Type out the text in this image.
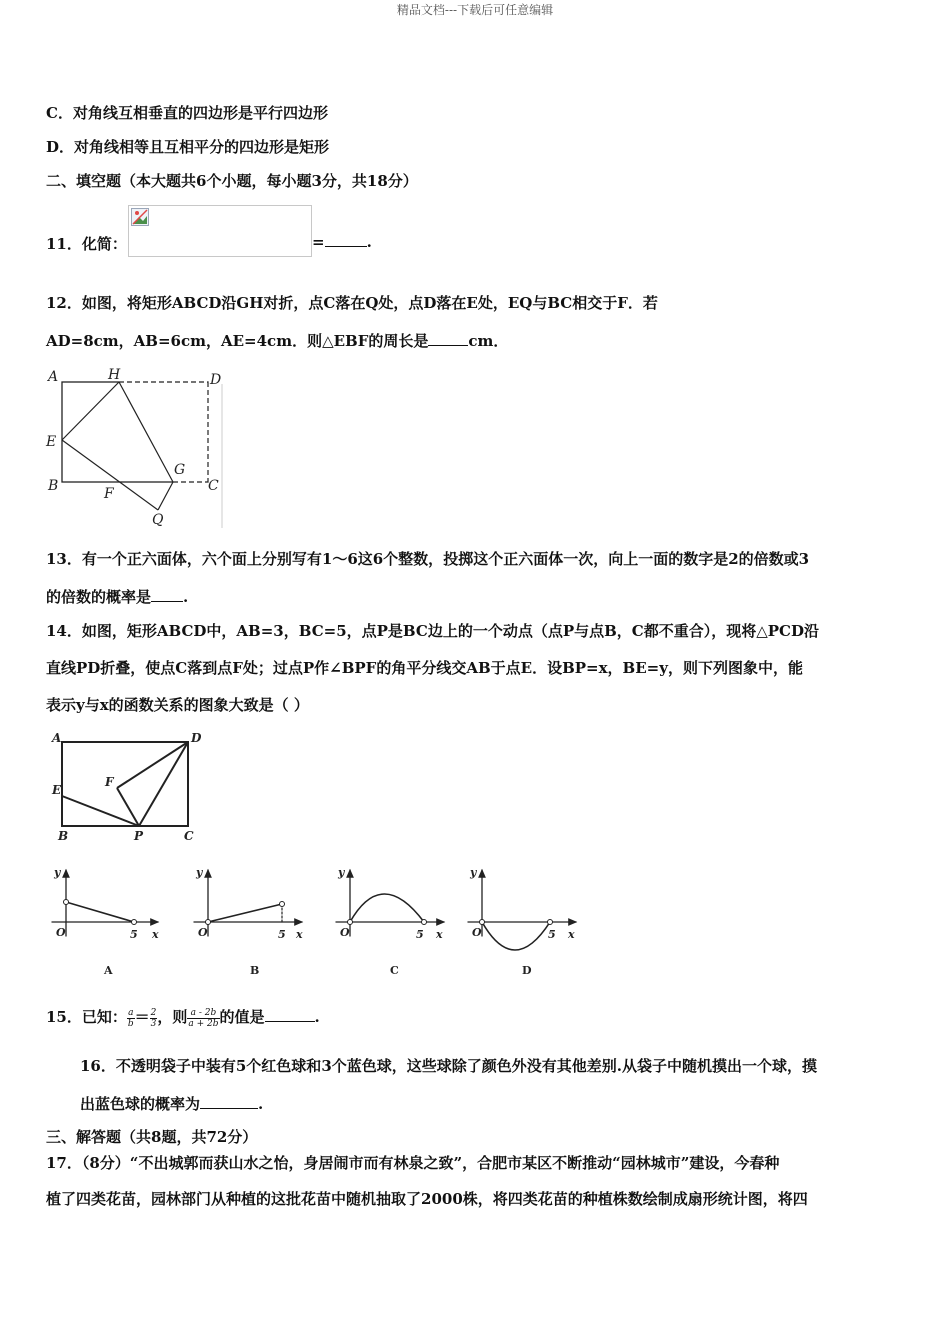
精品文档---下载后可任意编辑
C．对角线互相垂直的四边形是平行四边形
D．对角线相等且互相平分的四边形是矩形
二、填空题（本大题共6个小题，每小题3分，共18分）
11．化简：	=	.
12．如图，将矩形ABCD沿GH对折，点C落在Q处，点D落在E处，EQ与BC相交于F．若
AD=8cm，AB=6cm，AE=4cm．则△EBF的周长是	cm．
A	H	D
E
G
B	F	C
Q
13．有一个正六面体，六个面上分别写有1～6这6个整数，投掷这个正六面体一次，向上一面的数字是2的倍数或3
的倍数的概率是 .
14．如图，矩形ABCD中，AB=3，BC=5，点P是BC边上的一个动点（点P与点B，C都不重合），现将△PCD沿
直线PD折叠，使点C落到点F处；过点P作∠BPF的角平分线交AB于点E．设BP=x，BE=y，则下列图象中，能
表示y与x的函数关系的图象大致是（ ）
A	D
F
E
B	P	C
y
O	5 x
A
y
O	5 x
B
y
O	5 x
C
y
O	5 x
D
15．已知： $\frac{a}{b} = \frac{2}{3}$ ，则 $\frac{a - 2b}{a + 2b}$ 的值是	.
16．不透明袋子中装有5个红色球和3个蓝色球，这些球除了颜色外没有其他差别.从袋子中随机摸出一个球，摸
出蓝色球的概率为	.
三、解答题（共8题，共72分）
17．（8分）“不出城郭而获山水之怡，身居闹市而有林泉之致”，合肥市某区不断推动“园林城市”建设，今春种
植了四类花苗，园林部门从种植的这批花苗中随机抽取了2000株，将四类花苗的种植株数绘制成扇形统计图，将四
